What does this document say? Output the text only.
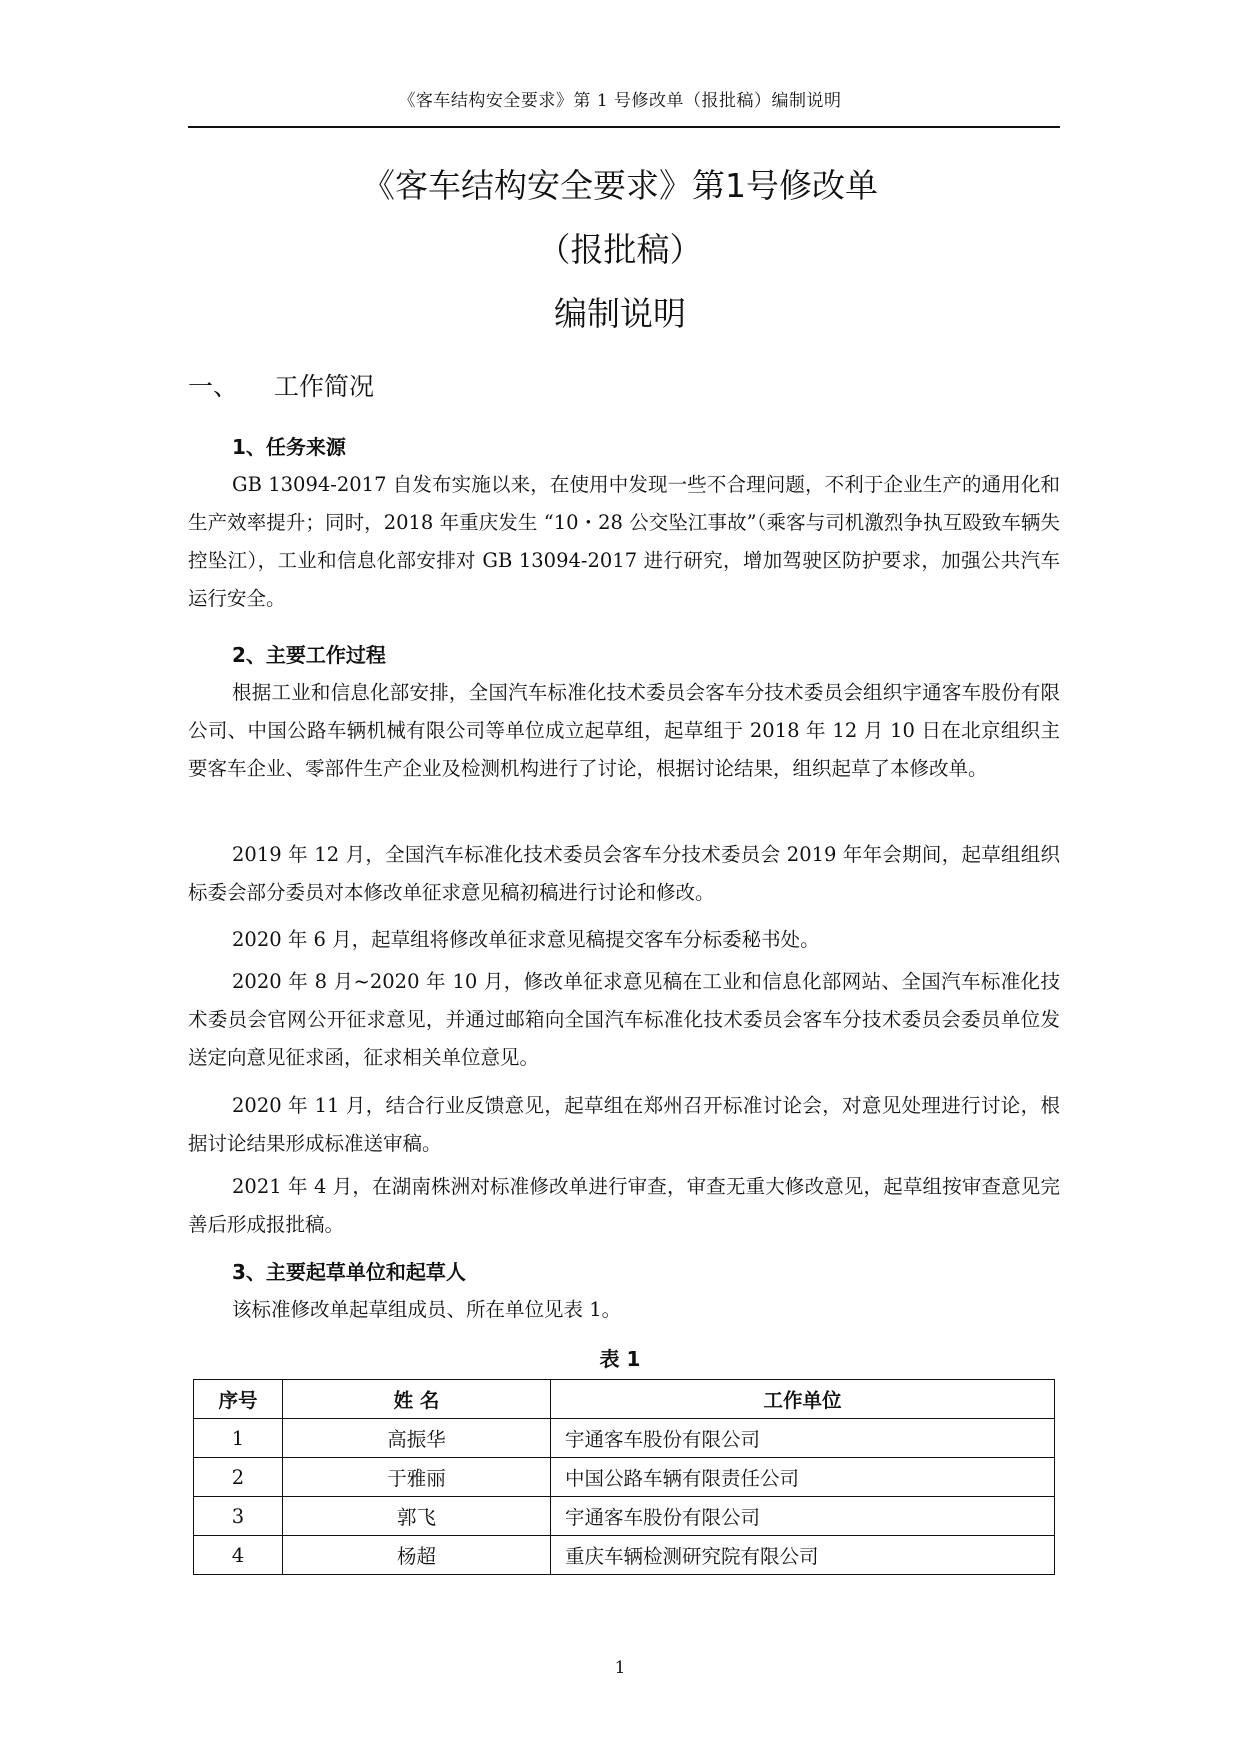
《客车结构安全要求》第 1 号修改单（报批稿）编制说明
《客车结构安全要求》第1号修改单
（报批稿）
编制说明
一、 工作简况
1、任务来源

GB 13094-2017 自发布实施以来，在使用中发现一些不合理问题，不利于企业生产的通用化和生产效率提升；同时，2018 年重庆发生 “10・28 公交坠江事故”（乘客与司机激烈争执互殴致车辆失控坠江），工业和信息化部安排对 GB 13094-2017 进行研究，增加驾驶区防护要求，加强公共汽车运行安全。

2、主要工作过程

根据工业和信息化部安排，全国汽车标准化技术委员会客车分技术委员会组织宇通客车股份有限公司、中国公路车辆机械有限公司等单位成立起草组，起草组于 2018 年 12 月 10 日在北京组织主要客车企业、零部件生产企业及检测机构进行了讨论，根据讨论结果，组织起草了本修改单。

2019 年 12 月，全国汽车标准化技术委员会客车分技术委员会 2019 年年会期间，起草组组织标委会部分委员对本修改单征求意见稿初稿进行讨论和修改。

2020 年 6 月，起草组将修改单征求意见稿提交客车分标委秘书处。

2020 年 8 月~2020 年 10 月，修改单征求意见稿在工业和信息化部网站、全国汽车标准化技术委员会官网公开征求意见，并通过邮箱向全国汽车标准化技术委员会客车分技术委员会委员单位发送定向意见征求函，征求相关单位意见。

2020 年 11 月，结合行业反馈意见，起草组在郑州召开标准讨论会，对意见处理进行讨论，根据讨论结果形成标准送审稿。

2021 年 4 月，在湖南株洲对标准修改单进行审查，审查无重大修改意见，起草组按审查意见完善后形成报批稿。

3、主要起草单位和起草人

该标准修改单起草组成员、所在单位见表 1。

表 1
序号	姓 名	工作单位
1	高振华	宇通客车股份有限公司
2	于雅丽	中国公路车辆有限责任公司
3	郭飞	宇通客车股份有限公司
4	杨超	重庆车辆检测研究院有限公司
1
